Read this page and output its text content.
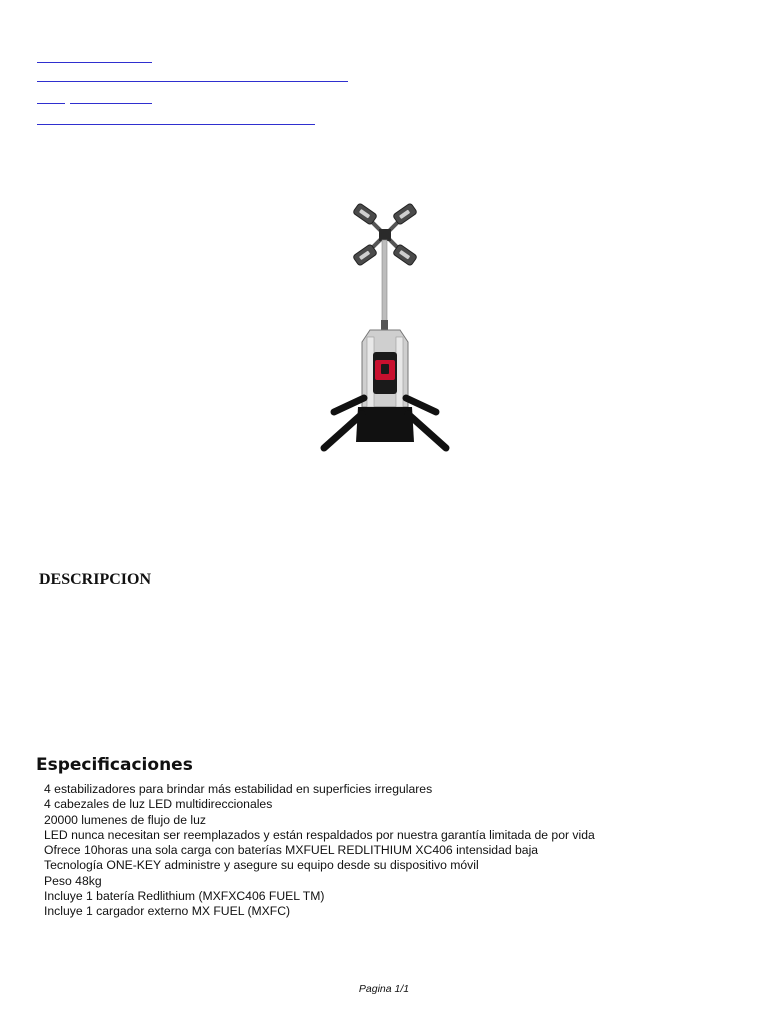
DESCRIPCION
Especificaciones
4 estabilizadores para brindar más estabilidad en superficies irregulares
4 cabezales de luz LED multidireccionales
20000 lumenes de flujo de luz
LED nunca necesitan ser reemplazados y están respaldados por nuestra garantía limitada de por vida
Ofrece 10horas una sola carga con baterías MXFUEL REDLITHIUM XC406 intensidad baja
Tecnología ONE-KEY administre y asegure su equipo desde su dispositivo móvil
Peso 48kg
Incluye 1 batería Redlithium (MXFXC406 FUEL TM)
Incluye 1 cargador externo MX FUEL (MXFC)
Pagina 1/1
